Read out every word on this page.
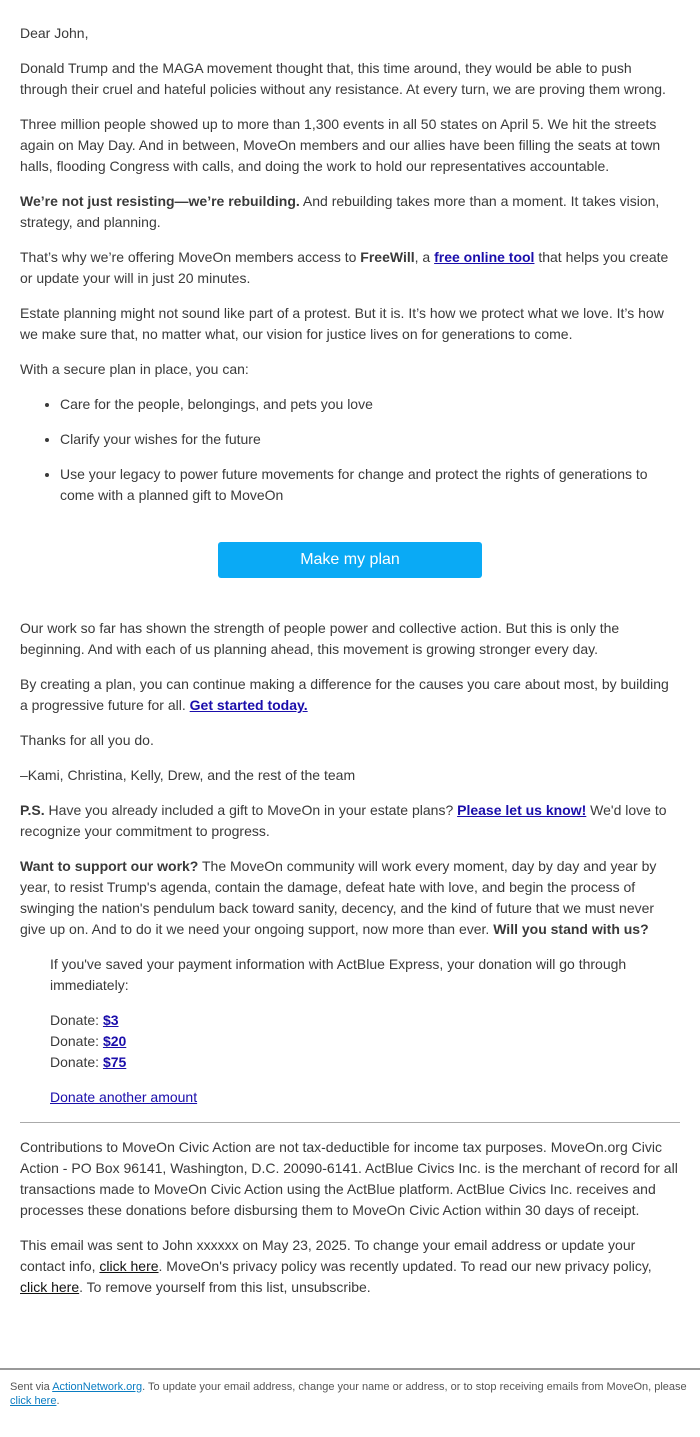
Dear John,

Donald Trump and the MAGA movement thought that, this time around, they would be able to push through their cruel and hateful policies without any resistance. At every turn, we are proving them wrong.

Three million people showed up to more than 1,300 events in all 50 states on April 5. We hit the streets again on May Day. And in between, MoveOn members and our allies have been filling the seats at town halls, flooding Congress with calls, and doing the work to hold our representatives accountable.

We’re not just resisting—we’re rebuilding. And rebuilding takes more than a moment. It takes vision, strategy, and planning.

That’s why we’re offering MoveOn members access to FreeWill, a free online tool that helps you create or update your will in just 20 minutes.

Estate planning might not sound like part of a protest. But it is. It’s how we protect what we love. It’s how we make sure that, no matter what, our vision for justice lives on for generations to come.

With a secure plan in place, you can:

• Care for the people, belongings, and pets you love
• Clarify your wishes for the future
• Use your legacy to power future movements for change and protect the rights of generations to come with a planned gift to MoveOn
Make my plan

Our work so far has shown the strength of people power and collective action. But this is only the beginning. And with each of us planning ahead, this movement is growing stronger every day.

By creating a plan, you can continue making a difference for the causes you care about most, by building a progressive future for all. Get started today.

Thanks for all you do.

–Kami, Christina, Kelly, Drew, and the rest of the team

P.S. Have you already included a gift to MoveOn in your estate plans? Please let us know! We'd love to recognize your commitment to progress.

Want to support our work? The MoveOn community will work every moment, day by day and year by year, to resist Trump's agenda, contain the damage, defeat hate with love, and begin the process of swinging the nation's pendulum back toward sanity, decency, and the kind of future that we must never give up on. And to do it we need your ongoing support, now more than ever. Will you stand with us?

If you've saved your payment information with ActBlue Express, your donation will go through immediately:

Donate: $3

Donate: $20

Donate: $75

Donate another amount

Contributions to MoveOn Civic Action are not tax-deductible for income tax purposes. MoveOn.org Civic Action - PO Box 96141, Washington, D.C. 20090-6141. ActBlue Civics Inc. is the merchant of record for all transactions made to MoveOn Civic Action using the ActBlue platform. ActBlue Civics Inc. receives and processes these donations before disbursing them to MoveOn Civic Action within 30 days of receipt.

This email was sent to John xxxxxx on May 23, 2025. To change your email address or update your contact info, click here. MoveOn's privacy policy was recently updated. To read our new privacy policy, click here. To remove yourself from this list, unsubscribe.

Sent via ActionNetwork.org. To update your email address, change your name or address, or to stop receiving emails from MoveOn, please click here.
